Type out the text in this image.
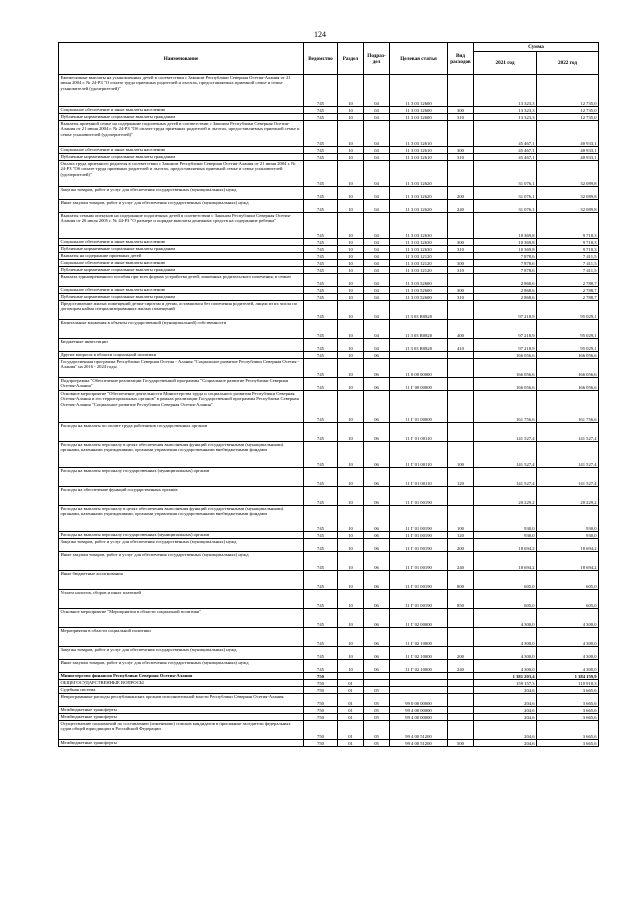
124
Наименование	Ведомство	Раздел	Подраз-дел	Целевая статья	Вид расходов	Сумма	
						2021 год	2022 год
Ежемесячные выплаты на усыновленных детей в соответствии с Законом Республики Северная Осетия-Алания от 21 июня 2004 г. № 24-РЗ "О оплате труда приемных родителей и льготах, предоставляемых приемной семье и семье усыновителей (удочерителей)"	745	10	04	11 3 03 12600		13 323,3	12 735,0
Социальное обеспечение и иные выплаты населению	745	10	04	11 3 03 12600	300	13 323,3	12 735,0
Публичные нормативные социальные выплаты гражданам	745	10	04	11 3 03 12600	310	13 323,3	12 735,0
Выплаты приемной семье на содержание подопечных детей в соответствии с Законом Республики Северная Осетия-Алания от 21 июня 2004 г. № 24-РЗ "Об оплате труда приемных родителей и льготах, предоставляемых приемной семье и семье усыновителей (удочерителей)"	745	10	04	11 3 03 12610		45 467,1	40 933,1
Социальное обеспечение и иные выплаты населению	745	10	04	11 3 03 12610	300	45 467,1	40 933,1
Публичные нормативные социальные выплаты гражданам	745	10	04	11 3 03 12610	310	45 467,1	40 933,1
Оплата труда приемного родителя в соответствии с Законом Республики Северная Осетия-Алания от 21 июня 2004 г. № 24-РЗ "Об оплате труда приемных родителей и льготах, предоставляемых приемной семье и семье усыновителей (удочерителей)"	745	10	04	11 3 03 12620		31 076,1	32 089,8
Закупка товаров, работ и услуг для обеспечения государственных (муниципальных) нужд	745	10	04	11 3 03 12620	200	31 076,1	32 089,8
Иные закупки товаров, работ и услуг для обеспечения государственных (муниципальных) нужд	745	10	04	11 3 03 12620	240	31 076,1	32 089,8
Выплаты семьям опекунов на содержание подопечных детей в соответствии с Законом Республики Северная Осетия-Алания от 26 июля 2005 г. № 44-РЗ "О размере и порядке выплаты денежных средств на содержание ребенка"	745	10	04	11 3 03 12630		10 369,8	9 718,3
Социальное обеспечение и иные выплаты населению	745	10	04	11 3 03 12630	300	10 369,8	9 718,3
Публичные нормативные социальные выплаты гражданам	745	10	04	11 3 03 12630	310	10 369,8	9 718,3
Выплаты на содержание приемных детей	745	10	04	11 3 03 12120		7 878,6	7 411,5
Социальное обеспечение и иные выплаты населению	745	10	04	11 3 03 12120	300	7 878,6	7 411,5
Публичные нормативные социальные выплаты гражданам	745	10	04	11 3 03 12120	310	7 878,6	7 411,5
Выплата единовременного пособия при всех формах устройства детей, лишенных родительского попечения, в семью	745	10	04	11 3 03 52600		2 868,6	2 788,7
Социальное обеспечение и иные выплаты населению	745	10	04	11 3 03 52600	300	2 868,6	2 788,7
Публичные нормативные социальные выплаты гражданам	745	10	04	11 3 03 52600	310	2 868,6	2 788,7
Предоставление жилых помещений детям-сиротам и детям, оставшимся без попечения родителей, лицам из их числа по договорам найма специализированных жилых помещений	745	10	04	11 3 03 R0820		97 218,9	95 029,1
Капитальные вложения в объекты государственной (муниципальной) собственности	745	10	04	11 3 03 R0820	400	97 218,9	95 029,1
Бюджетные инвестиции	745	10	04	11 3 03 R0820	410	97 218,9	95 029,1
Другие вопросы в области социальной политики	745	10	06			166 056,6	166 056,6
Государственная программа Республики Северная Осетия - Алания "Социальное развитие Республики Северная Осетия - Алания" на 2016 - 2024 годы	745	10	06	11 0 00 00000		166 056,6	166 056,6
Подпрограмма "Обеспечение реализации Государственной программы "Социальное развитие Республики Северная Осетия-Алания"	745	10	06	11 Г 00 00000		166 056,6	166 056,6
Основное мероприятие "Обеспечение деятельности Министерства труда и социального развития Республики Северная Осетия-Алания и его территориальных органов" в рамках реализации Государственной программы Республики Северная Осетия-Алания "Социальное развитие Республики Северная Осетия-Алания"	745	10	06	11 Г 01 00000		161 756,6	161 756,6
Расходы на выплаты по оплате труда работников государственных органов	745	10	06	11 Г 01 00110		141 527,4	141 527,4
Расходы на выплаты персоналу в целях обеспечения выполнения функций государственными (муниципальными) органами, казенными учреждениями, органами управления государственными внебюджетными фондами	745	10	06	11 Г 01 00110	100	141 527,4	141 527,4
Расходы на выплаты персоналу государственных (муниципальных) органов	745	10	06	11 Г 01 00110	120	141 527,4	141 527,4
Расходы на обеспечение функций государственных органов	745	10	06	11 Г 01 00190		20 229,2	20 229,2
Расходы на выплаты персоналу в целях обеспечения выполнения функций государственными (муниципальными) органами, казенными учреждениями, органами управления государственными внебюджетными фондами	745	10	06	11 Г 01 00190	100	930,0	930,0
Расходы на выплаты персоналу государственных (муниципальных) органов	745	10	06	11 Г 01 00190	120	930,0	930,0
Закупка товаров, работ и услуг для обеспечения государственных (муниципальных) нужд	745	10	06	11 Г 01 00190	200	18 694,2	18 694,2
Иные закупки товаров, работ и услуг для обеспечения государственных (муниципальных) нужд	745	10	06	11 Г 01 00190	240	18 694,2	18 694,2
Иные бюджетные ассигнования	745	10	06	11 Г 01 00190	800	605,0	605,0
Уплата налогов, сборов и иных платежей	745	10	06	11 Г 01 00190	850	605,0	605,0
Основное мероприятие "Мероприятия в области социальной политики"	745	10	06	11 Г 02 00000		4 300,0	4 300,0
Мероприятия в области социальной политики	745	10	06	11 Г 02 10000		4 300,0	4 300,0
Закупка товаров, работ и услуг для обеспечения государственных (муниципальных) нужд	745	10	06	11 Г 02 10000	200	4 300,0	4 300,0
Иные закупки товаров, работ и услуг для обеспечения государственных (муниципальных) нужд	745	10	06	11 Г 02 10000	240	4 300,0	4 300,0
Министерство финансов Республики Северная Осетия-Алания	750					1 381 203,4	1 384 159,9
ОБЩЕГОСУДАРСТВЕННЫЕ ВОПРОСЫ	750	01				159 157,3	110 918,3
Судебная система	750	01	05			204,6	3 665,6
Непрограммные расходы республиканских органов исполнительной власти Республики Северная Осетия-Алания	750	01	05	99 0 00 00000		204,6	3 665,6
Межбюджетные трансферты	750	01	05	99 4 00 00000		204,6	3 665,6
Межбюджетные трансферты	750	01	05	99 4 00 00000		204,6	3 665,6
Осуществление полномочий по составлению (изменению) списков кандидатов в присяжные заседатели федеральных судов общей юрисдикции в Российской Федерации	750	01	05	99 4 00 51200		204,6	3 665,6
Межбюджетные трансферты	750	01	05	99 4 00 51200	500	204,6	3 665,6
